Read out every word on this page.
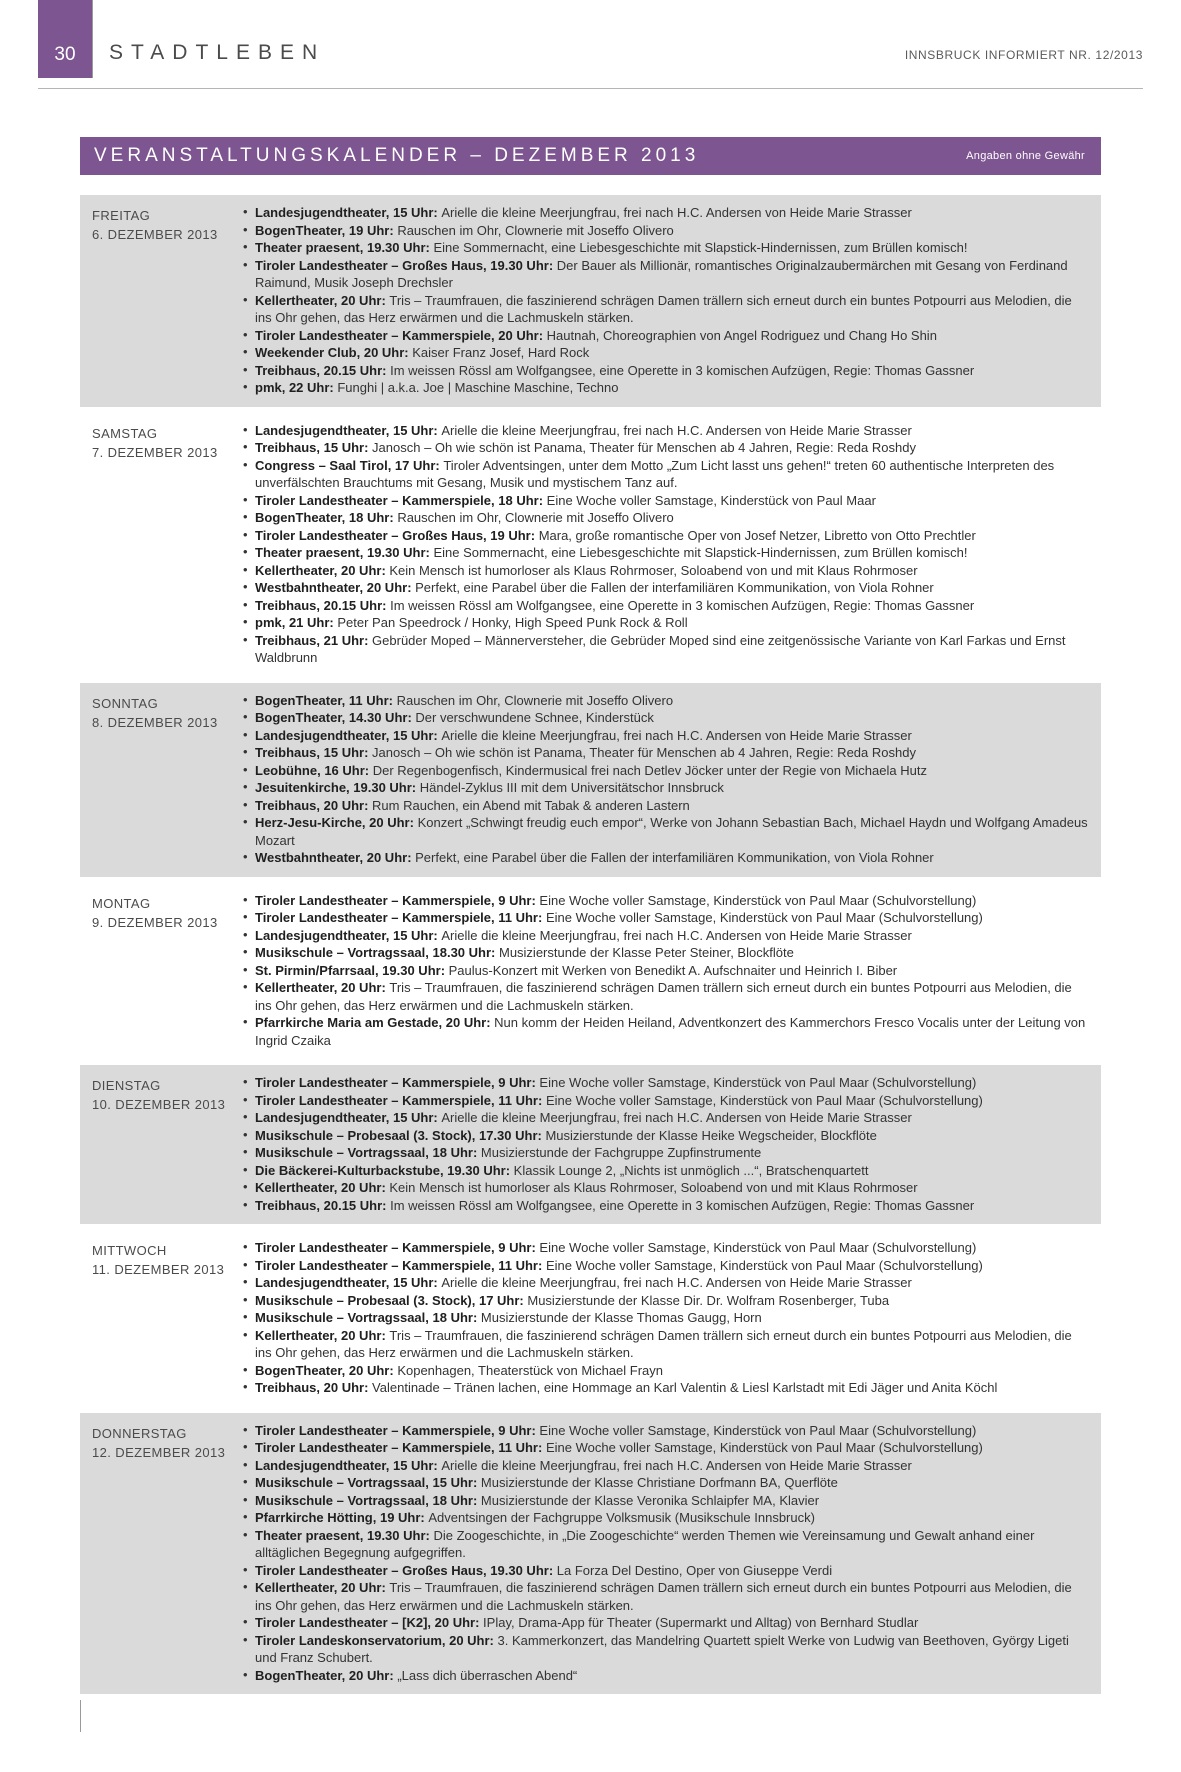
30	STADTLEBEN	INNSBRUCK INFORMIERT NR. 12/2013
VERANSTALTUNGSKALENDER – DEZEMBER 2013	Angaben ohne Gewähr
FREITAG
6. DEZEMBER 2013
• Landesjugendtheater, 15 Uhr: Arielle die kleine Meerjungfrau, frei nach H.C. Andersen von Heide Marie Strasser
• BogenTheater, 19 Uhr: Rauschen im Ohr, Clownerie mit Joseffo Olivero
• Theater praesent, 19.30 Uhr: Eine Sommernacht, eine Liebesgeschichte mit Slapstick-Hindernissen, zum Brüllen komisch!
• Tiroler Landestheater – Großes Haus, 19.30 Uhr: Der Bauer als Millionär, romantisches Originalzaubermärchen mit Gesang von Ferdinand Raimund, Musik Joseph Drechsler
• Kellertheater, 20 Uhr: Tris – Traumfrauen, die faszinierend schrägen Damen trällern sich erneut durch ein buntes Potpourri aus Melodien, die ins Ohr gehen, das Herz erwärmen und die Lachmuskeln stärken.
• Tiroler Landestheater – Kammerspiele, 20 Uhr: Hautnah, Choreographien von Angel Rodriguez und Chang Ho Shin
• Weekender Club, 20 Uhr: Kaiser Franz Josef, Hard Rock
• Treibhaus, 20.15 Uhr: Im weissen Rössl am Wolfgangsee, eine Operette in 3 komischen Aufzügen, Regie: Thomas Gassner
• pmk, 22 Uhr: Funghi | a.k.a. Joe | Maschine Maschine, Techno
SAMSTAG
7. DEZEMBER 2013
• Landesjugendtheater, 15 Uhr: Arielle die kleine Meerjungfrau, frei nach H.C. Andersen von Heide Marie Strasser
• Treibhaus, 15 Uhr: Janosch – Oh wie schön ist Panama, Theater für Menschen ab 4 Jahren, Regie: Reda Roshdy
• Congress – Saal Tirol, 17 Uhr: Tiroler Adventsingen, unter dem Motto „Zum Licht lasst uns gehen!“ treten 60 authentische Interpreten des unverfälschten Brauchtums mit Gesang, Musik und mystischem Tanz auf.
• Tiroler Landestheater – Kammerspiele, 18 Uhr: Eine Woche voller Samstage, Kinderstück von Paul Maar
• BogenTheater, 18 Uhr: Rauschen im Ohr, Clownerie mit Joseffo Olivero
• Tiroler Landestheater – Großes Haus, 19 Uhr: Mara, große romantische Oper von Josef Netzer, Libretto von Otto Prechtler
• Theater praesent, 19.30 Uhr: Eine Sommernacht, eine Liebesgeschichte mit Slapstick-Hindernissen, zum Brüllen komisch!
• Kellertheater, 20 Uhr: Kein Mensch ist humorloser als Klaus Rohrmoser, Soloabend von und mit Klaus Rohrmoser
• Westbahntheater, 20 Uhr: Perfekt, eine Parabel über die Fallen der interfamiliären Kommunikation, von Viola Rohner
• Treibhaus, 20.15 Uhr: Im weissen Rössl am Wolfgangsee, eine Operette in 3 komischen Aufzügen, Regie: Thomas Gassner
• pmk, 21 Uhr: Peter Pan Speedrock / Honky, High Speed Punk Rock & Roll
• Treibhaus, 21 Uhr: Gebrüder Moped – Männerversteher, die Gebrüder Moped sind eine zeitgenössische Variante von Karl Farkas und Ernst Waldbrunn
SONNTAG
8. DEZEMBER 2013
• BogenTheater, 11 Uhr: Rauschen im Ohr, Clownerie mit Joseffo Olivero
• BogenTheater, 14.30 Uhr: Der verschwundene Schnee, Kinderstück
• Landesjugendtheater, 15 Uhr: Arielle die kleine Meerjungfrau, frei nach H.C. Andersen von Heide Marie Strasser
• Treibhaus, 15 Uhr: Janosch – Oh wie schön ist Panama, Theater für Menschen ab 4 Jahren, Regie: Reda Roshdy
• Leobühne, 16 Uhr: Der Regenbogenfisch, Kindermusical frei nach Detlev Jöcker unter der Regie von Michaela Hutz
• Jesuitenkirche, 19.30 Uhr: Händel-Zyklus III mit dem Universitätschor Innsbruck
• Treibhaus, 20 Uhr: Rum Rauchen, ein Abend mit Tabak & anderen Lastern
• Herz-Jesu-Kirche, 20 Uhr: Konzert „Schwingt freudig euch empor“, Werke von Johann Sebastian Bach, Michael Haydn und Wolfgang Amadeus Mozart
• Westbahntheater, 20 Uhr: Perfekt, eine Parabel über die Fallen der interfamiliären Kommunikation, von Viola Rohner
MONTAG
9. DEZEMBER 2013
• Tiroler Landestheater – Kammerspiele, 9 Uhr: Eine Woche voller Samstage, Kinderstück von Paul Maar (Schulvorstellung)
• Tiroler Landestheater – Kammerspiele, 11 Uhr: Eine Woche voller Samstage, Kinderstück von Paul Maar (Schulvorstellung)
• Landesjugendtheater, 15 Uhr: Arielle die kleine Meerjungfrau, frei nach H.C. Andersen von Heide Marie Strasser
• Musikschule – Vortragssaal, 18.30 Uhr: Musizierstunde der Klasse Peter Steiner, Blockflöte
• St. Pirmin/Pfarrsaal, 19.30 Uhr: Paulus-Konzert mit Werken von Benedikt A. Aufschnaiter und Heinrich I. Biber
• Kellertheater, 20 Uhr: Tris – Traumfrauen, die faszinierend schrägen Damen trällern sich erneut durch ein buntes Potpourri aus Melodien, die ins Ohr gehen, das Herz erwärmen und die Lachmuskeln stärken.
• Pfarrkirche Maria am Gestade, 20 Uhr: Nun komm der Heiden Heiland, Adventkonzert des Kammerchors Fresco Vocalis unter der Leitung von Ingrid Czaika
DIENSTAG
10. DEZEMBER 2013
• Tiroler Landestheater – Kammerspiele, 9 Uhr: Eine Woche voller Samstage, Kinderstück von Paul Maar (Schulvorstellung)
• Tiroler Landestheater – Kammerspiele, 11 Uhr: Eine Woche voller Samstage, Kinderstück von Paul Maar (Schulvorstellung)
• Landesjugendtheater, 15 Uhr: Arielle die kleine Meerjungfrau, frei nach H.C. Andersen von Heide Marie Strasser
• Musikschule – Probesaal (3. Stock), 17.30 Uhr: Musizierstunde der Klasse Heike Wegscheider, Blockflöte
• Musikschule – Vortragssaal, 18 Uhr: Musizierstunde der Fachgruppe Zupfinstrumente
• Die Bäckerei-Kulturbackstube, 19.30 Uhr: Klassik Lounge 2, „Nichts ist unmöglich ...“, Bratschenquartett
• Kellertheater, 20 Uhr: Kein Mensch ist humorloser als Klaus Rohrmoser, Soloabend von und mit Klaus Rohrmoser
• Treibhaus, 20.15 Uhr: Im weissen Rössl am Wolfgangsee, eine Operette in 3 komischen Aufzügen, Regie: Thomas Gassner
MITTWOCH
11. DEZEMBER 2013
• Tiroler Landestheater – Kammerspiele, 9 Uhr: Eine Woche voller Samstage, Kinderstück von Paul Maar (Schulvorstellung)
• Tiroler Landestheater – Kammerspiele, 11 Uhr: Eine Woche voller Samstage, Kinderstück von Paul Maar (Schulvorstellung)
• Landesjugendtheater, 15 Uhr: Arielle die kleine Meerjungfrau, frei nach H.C. Andersen von Heide Marie Strasser
• Musikschule – Probesaal (3. Stock), 17 Uhr: Musizierstunde der Klasse Dir. Dr. Wolfram Rosenberger, Tuba
• Musikschule – Vortragssaal, 18 Uhr: Musizierstunde der Klasse Thomas Gaugg, Horn
• Kellertheater, 20 Uhr: Tris – Traumfrauen, die faszinierend schrägen Damen trällern sich erneut durch ein buntes Potpourri aus Melodien, die ins Ohr gehen, das Herz erwärmen und die Lachmuskeln stärken.
• BogenTheater, 20 Uhr: Kopenhagen, Theaterstück von Michael Frayn
• Treibhaus, 20 Uhr: Valentinade – Tränen lachen, eine Hommage an Karl Valentin & Liesl Karlstadt mit Edi Jäger und Anita Köchl
DONNERSTAG
12. DEZEMBER 2013
• Tiroler Landestheater – Kammerspiele, 9 Uhr: Eine Woche voller Samstage, Kinderstück von Paul Maar (Schulvorstellung)
• Tiroler Landestheater – Kammerspiele, 11 Uhr: Eine Woche voller Samstage, Kinderstück von Paul Maar (Schulvorstellung)
• Landesjugendtheater, 15 Uhr: Arielle die kleine Meerjungfrau, frei nach H.C. Andersen von Heide Marie Strasser
• Musikschule – Vortragssaal, 15 Uhr: Musizierstunde der Klasse Christiane Dorfmann BA, Querflöte
• Musikschule – Vortragssaal, 18 Uhr: Musizierstunde der Klasse Veronika Schlaipfer MA, Klavier
• Pfarrkirche Hötting, 19 Uhr: Adventsingen der Fachgruppe Volksmusik (Musikschule Innsbruck)
• Theater praesent, 19.30 Uhr: Die Zoogeschichte, in „Die Zoogeschichte“ werden Themen wie Vereinsamung und Gewalt anhand einer alltäglichen Begegnung aufgegriffen.
• Tiroler Landestheater – Großes Haus, 19.30 Uhr: La Forza Del Destino, Oper von Giuseppe Verdi
• Kellertheater, 20 Uhr: Tris – Traumfrauen, die faszinierend schrägen Damen trällern sich erneut durch ein buntes Potpourri aus Melodien, die ins Ohr gehen, das Herz erwärmen und die Lachmuskeln stärken.
• Tiroler Landestheater – [K2], 20 Uhr: IPlay, Drama-App für Theater (Supermarkt und Alltag) von Bernhard Studlar
• Tiroler Landeskonservatorium, 20 Uhr: 3. Kammerkonzert, das Mandelring Quartett spielt Werke von Ludwig van Beethoven, György Ligeti und Franz Schubert.
• BogenTheater, 20 Uhr: „Lass dich überraschen Abend“
